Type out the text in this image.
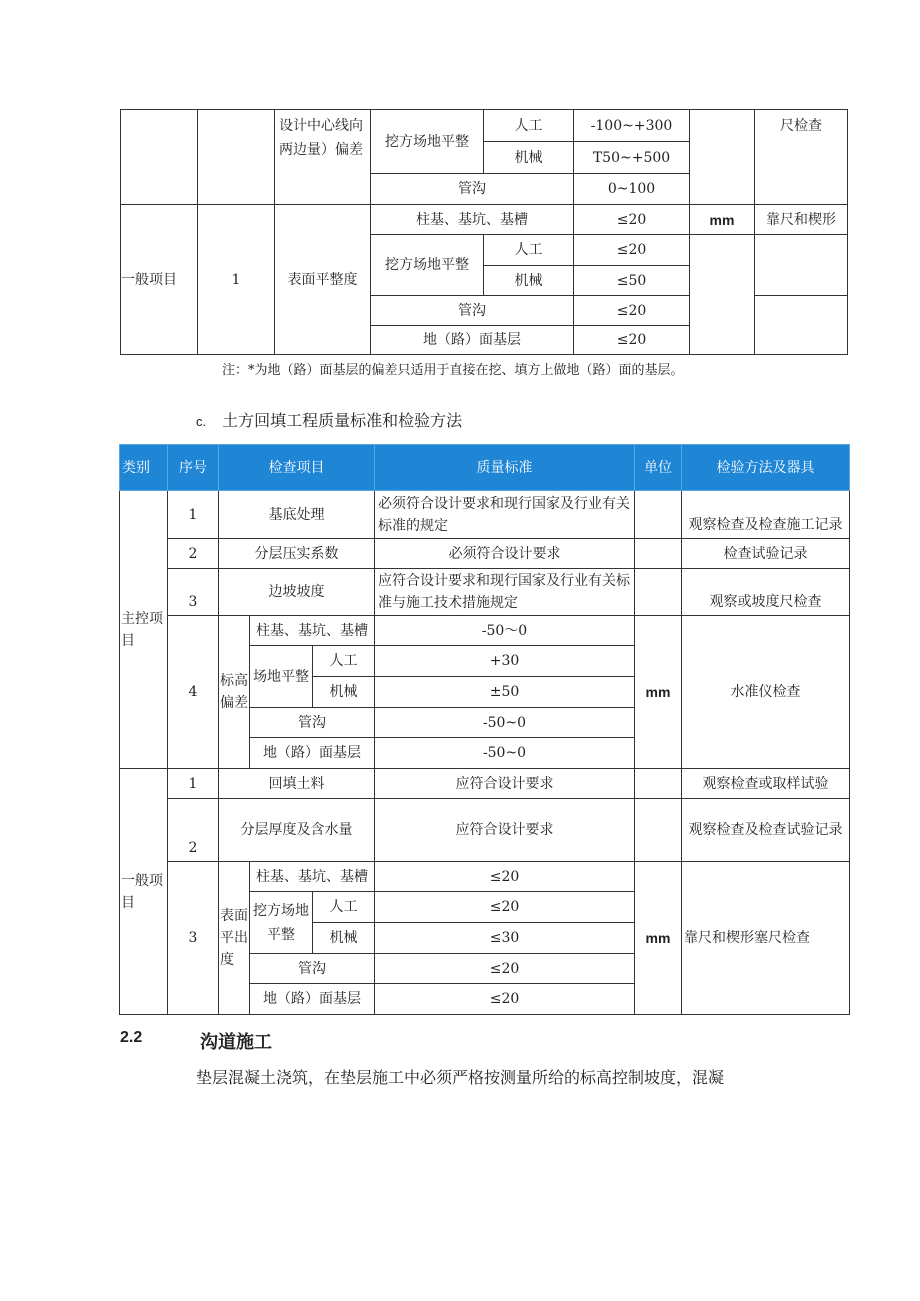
		设计中心线向两边量）偏差	挖方场地平整	人工	-100~+300		尺检查
				机械	T50~+500		
			管沟		0~100		
一般项目	1	表面平整度	柱基、基坑、基槽		≤20	mm	靠尺和楔形
			挖方场地平整	人工	≤20		
				机械	≤50		
			管沟		≤20		
			地（路）面基层		≤20		
注：*为地（路）面基层的偏差只适用于直接在挖、填方上做地（路）面的基层。
c. 土方回填工程质量标准和检验方法
类别	序号	检查项目			质量标准	单位	检验方法及器具
主控项目	1	基底处理			必须符合设计要求和现行国家及行业有关标准的规定		观察检查及检查施工记录
	2	分层压实系数			必须符合设计要求		检查试验记录
	3	边坡坡度			应符合设计要求和现行国家及行业有关标准与施工技术措施规定		观察或坡度尺检查
	4	标高偏差	柱基、基坑、基槽		-50～0	mm	水准仪检查
			场地平整	人工	+30		
				机械	±50		
			管沟		-50~0		
			地（路）面基层		-50~0		
一般项目	1	回填土料			应符合设计要求		观察检查或取样试验
	2	分层厚度及含水量			应符合设计要求		观察检查及检查试验记录
	3	表面平出度	柱基、基坑、基槽		≤20	mm	靠尺和楔形塞尺检查
			挖方场地平整	人工	≤20		
				机械	≤30		
			管沟		≤20		
			地（路）面基层		≤20		
2.2	沟道施工
垫层混凝土浇筑，在垫层施工中必须严格按测量所给的标高控制坡度，混凝
